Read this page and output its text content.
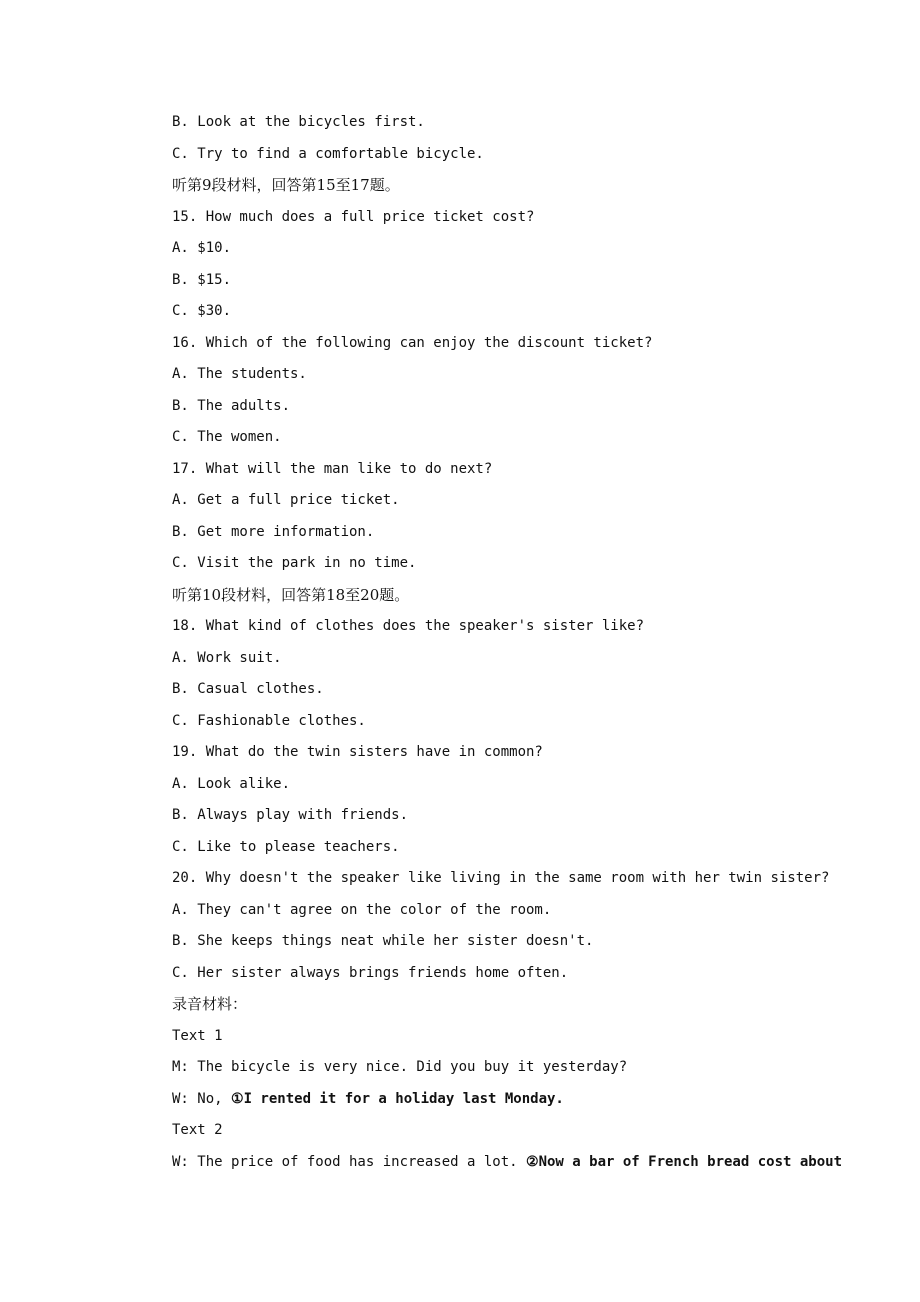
B. Look at the bicycles first.
C. Try to find a comfortable bicycle.
听第9段材料，回答第15至17题。
15. How much does a full price ticket cost?
A. $10.
B. $15.
C. $30.
16. Which of the following can enjoy the discount ticket?
A. The students.
B. The adults.
C. The women.
17. What will the man like to do next?
A. Get a full price ticket.
B. Get more information.
C. Visit the park in no time.
听第10段材料，回答第18至20题。
18. What kind of clothes does the speaker's sister like?
A. Work suit.
B. Casual clothes.
C. Fashionable clothes.
19. What do the twin sisters have in common?
A. Look alike.
B. Always play with friends.
C. Like to please teachers.
20. Why doesn't the speaker like living in the same room with her twin sister?
A. They can't agree on the color of the room.
B. She keeps things neat while her sister doesn't.
C. Her sister always brings friends home often.
录音材料：
Text 1
M: The bicycle is very nice. Did you buy it yesterday?
W: No, ①I rented it for a holiday last Monday.
Text 2
W: The price of food has increased a lot. ②Now a bar of French bread cost about
